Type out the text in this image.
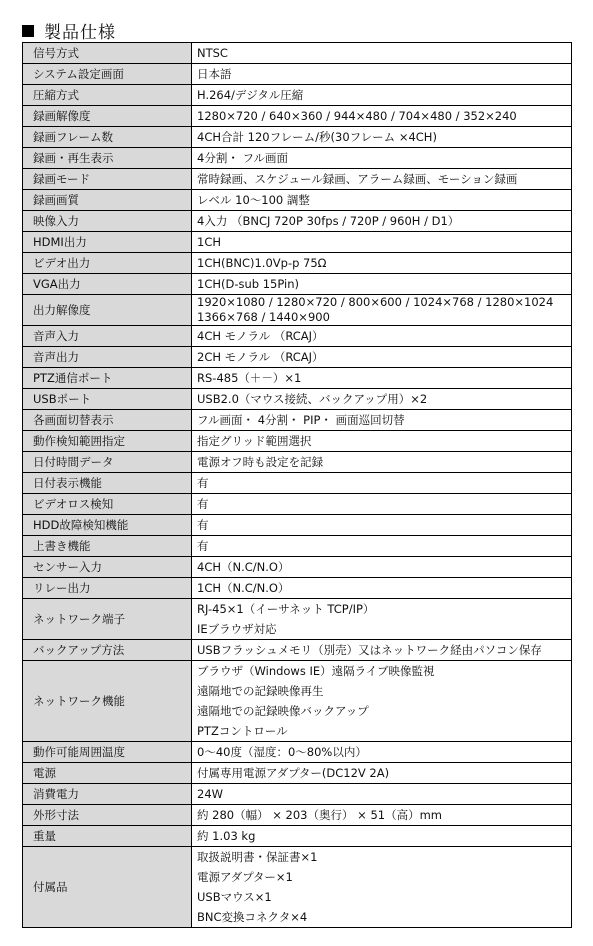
製品仕様
信号方式	NTSC

システム設定画面	日本語

圧縮方式	H.264/デジタル圧縮

録画解像度	1280×720 / 640×360 / 944×480 / 704×480 / 352×240

録画フレーム数	4CH合計 120フレーム/秒(30フレーム ×4CH)

録画・再生表示	4分割・ フル画面

録画モード	常時録画、スケジュール録画、アラーム録画、モーション録画

録画画質	レベル 10～100 調整

映像入力	4入力 （BNCJ 720P 30fps / 720P / 960H / D1）

HDMI出力	1CH

ビデオ出力	1CH(BNC)1.0Vp-p 75Ω

VGA出力	1CH(D-sub 15Pin)

出力解像度	1920×1080 / 1280×720 / 800×600 / 1024×768 / 1280×1024
1366×768 / 1440×900

音声入力	4CH モノラル （RCAJ）

音声出力	2CH モノラル （RCAJ）

PTZ通信ポート	RS-485（＋－）×1

USBポート	USB2.0（マウス接続、バックアップ用）×2

各画面切替表示	フル画面・ 4分割・ PIP・ 画面巡回切替

動作検知範囲指定	指定グリッド範囲選択

日付時間データ	電源オフ時も設定を記録

日付表示機能	有

ビデオロス検知	有

HDD故障検知機能	有

上書き機能	有

センサー入力	4CH（N.C/N.O）

リレー出力	1CH（N.C/N.O）

ネットワーク端子	RJ-45×1（イーサネット TCP/IP）
IEブラウザ対応

バックアップ方法	USBフラッシュメモリ（別売）又はネットワーク経由パソコン保存

ネットワーク機能	ブラウザ（Windows IE）遠隔ライブ映像監視
遠隔地での記録映像再生
遠隔地での記録映像バックアップ
PTZコントロール

動作可能周囲温度	0～40度（湿度：0～80%以内）

電源	付属専用電源アダプター(DC12V 2A)

消費電力	24W

外形寸法	約 280（幅） × 203（奥行） × 51（高）mm

重量	約 1.03 kg

付属品	取扱説明書・保証書×1
電源アダプター×1
USBマウス×1
BNC変換コネクタ×4
